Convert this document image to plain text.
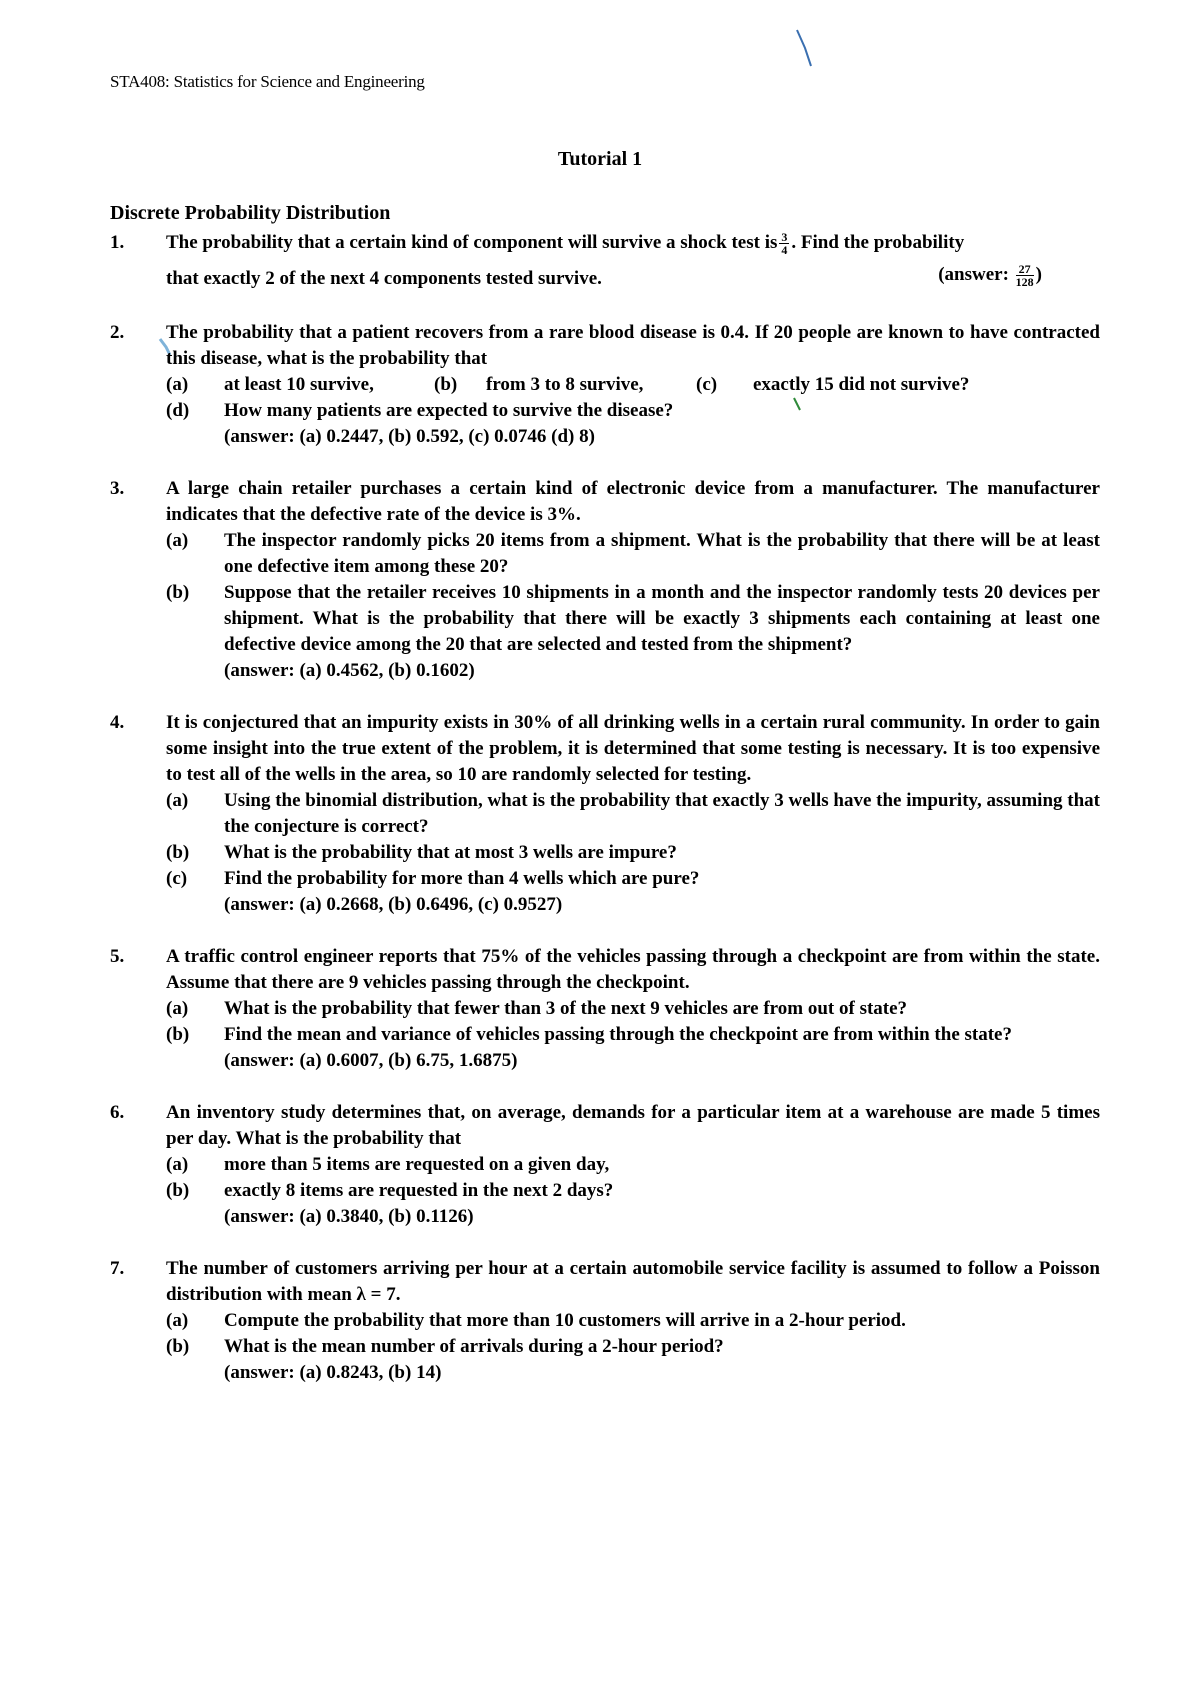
STA408: Statistics for Science and Engineering
Tutorial 1
Discrete Probability Distribution
1. The probability that a certain kind of component will survive a shock test is $\frac{3}{4}$ . Find the probability
that exactly 2 of the next 4 components tested survive.	(answer: $\frac{27}{128}$ )
2. The probability that a patient recovers from a rare blood disease is 0.4. If 20 people are known to have contracted this disease, what is the probability that
(a) at least 10 survive,	(b) from 3 to 8 survive,	(c) exactly 15 did not survive?
(d) How many patients are expected to survive the disease?
(answer: (a) 0.2447, (b) 0.592, (c) 0.0746 (d) 8)
3. A large chain retailer purchases a certain kind of electronic device from a manufacturer. The manufacturer indicates that the defective rate of the device is 3%.
(a) The inspector randomly picks 20 items from a shipment. What is the probability that there will be at least one defective item among these 20?
(b) Suppose that the retailer receives 10 shipments in a month and the inspector randomly tests 20 devices per shipment. What is the probability that there will be exactly 3 shipments each containing at least one defective device among the 20 that are selected and tested from the shipment?
(answer: (a) 0.4562, (b) 0.1602)
4. It is conjectured that an impurity exists in 30% of all drinking wells in a certain rural community. In order to gain some insight into the true extent of the problem, it is determined that some testing is necessary. It is too expensive to test all of the wells in the area, so 10 are randomly selected for testing.
(a) Using the binomial distribution, what is the probability that exactly 3 wells have the impurity, assuming that the conjecture is correct?
(b) What is the probability that at most 3 wells are impure?
(c) Find the probability for more than 4 wells which are pure?
(answer: (a) 0.2668, (b) 0.6496, (c) 0.9527)
5. A traffic control engineer reports that 75% of the vehicles passing through a checkpoint are from within the state. Assume that there are 9 vehicles passing through the checkpoint.
(a) What is the probability that fewer than 3 of the next 9 vehicles are from out of state?
(b) Find the mean and variance of vehicles passing through the checkpoint are from within the state?
(answer: (a) 0.6007, (b) 6.75, 1.6875)
6. An inventory study determines that, on average, demands for a particular item at a warehouse are made 5 times per day. What is the probability that
(a) more than 5 items are requested on a given day,
(b) exactly 8 items are requested in the next 2 days?
(answer: (a) 0.3840, (b) 0.1126)
7. The number of customers arriving per hour at a certain automobile service facility is assumed to follow a Poisson distribution with mean λ = 7.
(a) Compute the probability that more than 10 customers will arrive in a 2-hour period.
(b) What is the mean number of arrivals during a 2-hour period?
(answer: (a) 0.8243, (b) 14)
